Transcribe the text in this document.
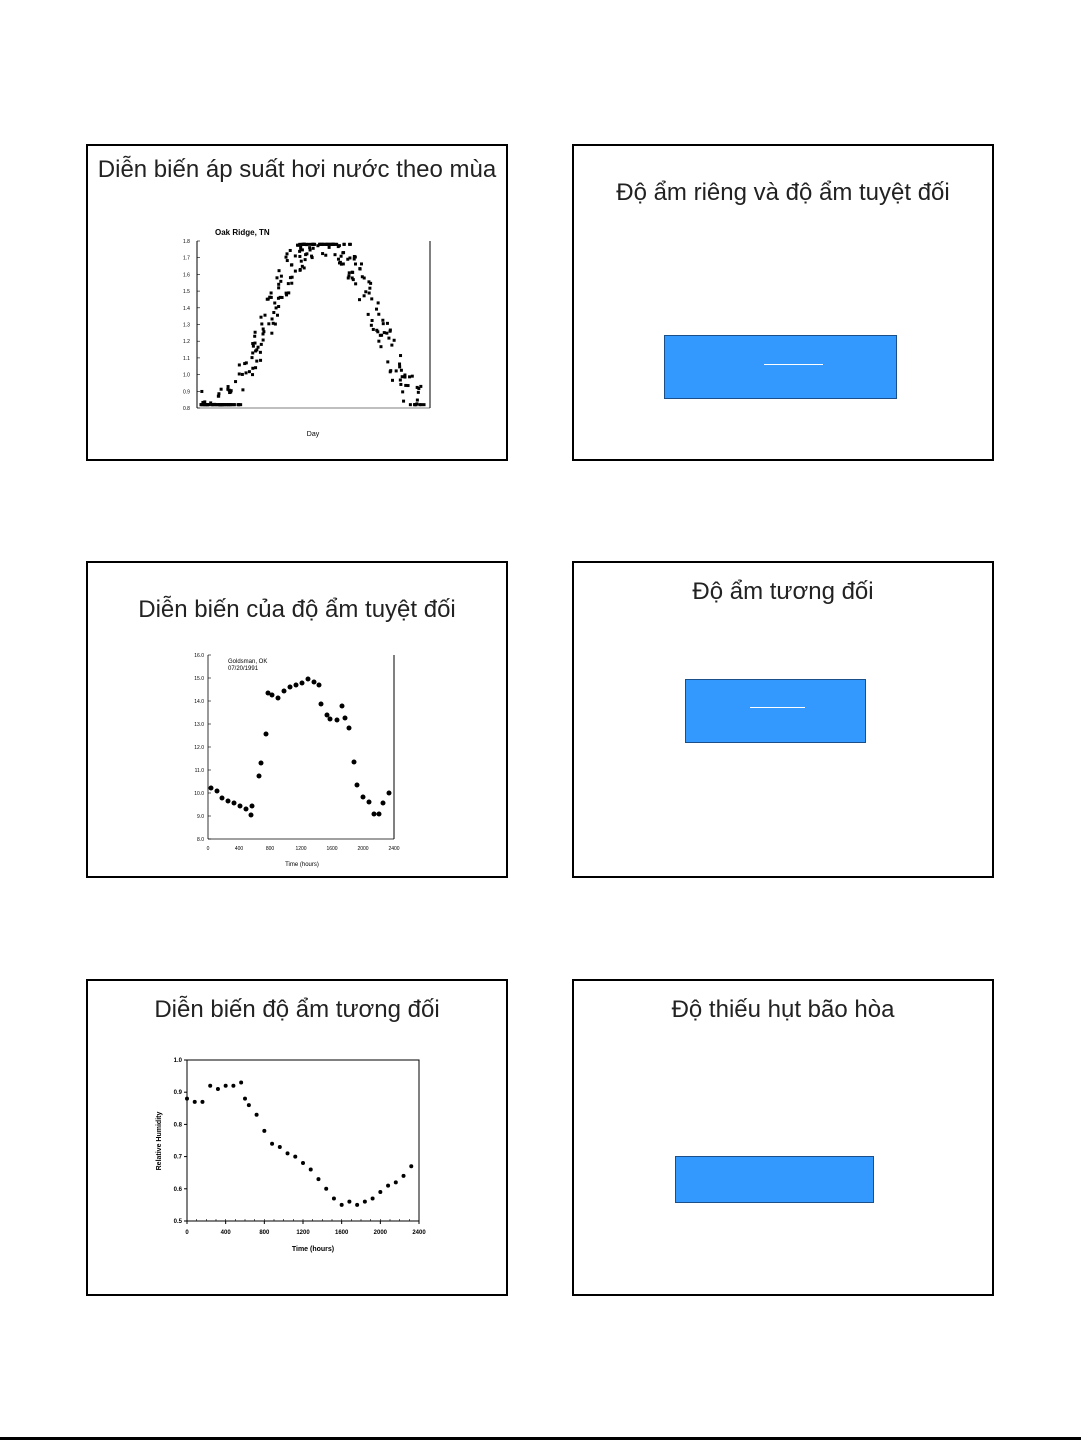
Diễn biến áp suất hơi nước theo mùa
Oak Ridge, TN
Day
0.8
0.9
1.0
1.1
1.2
1.3
1.4
1.5
1.6
1.7
1.8
Độ ẩm riêng và độ ẩm tuyệt đối
Diễn biến của độ ẩm tuyệt đối
Goldsman, OK
07/20/1991
Time (hours)
0	400	800	1200	1600	2000	2400
8.0
9.0
10.0
11.0
12.0
13.0
14.0
15.0
16.0
Độ ẩm tương đối
Diễn biến độ ẩm tương đối
Time (hours)
Relative Humidity
0	400	800	1200	1600	2000	2400
0.5
0.6
0.7
0.8
0.9
1.0
Độ thiếu hụt bão hòa
